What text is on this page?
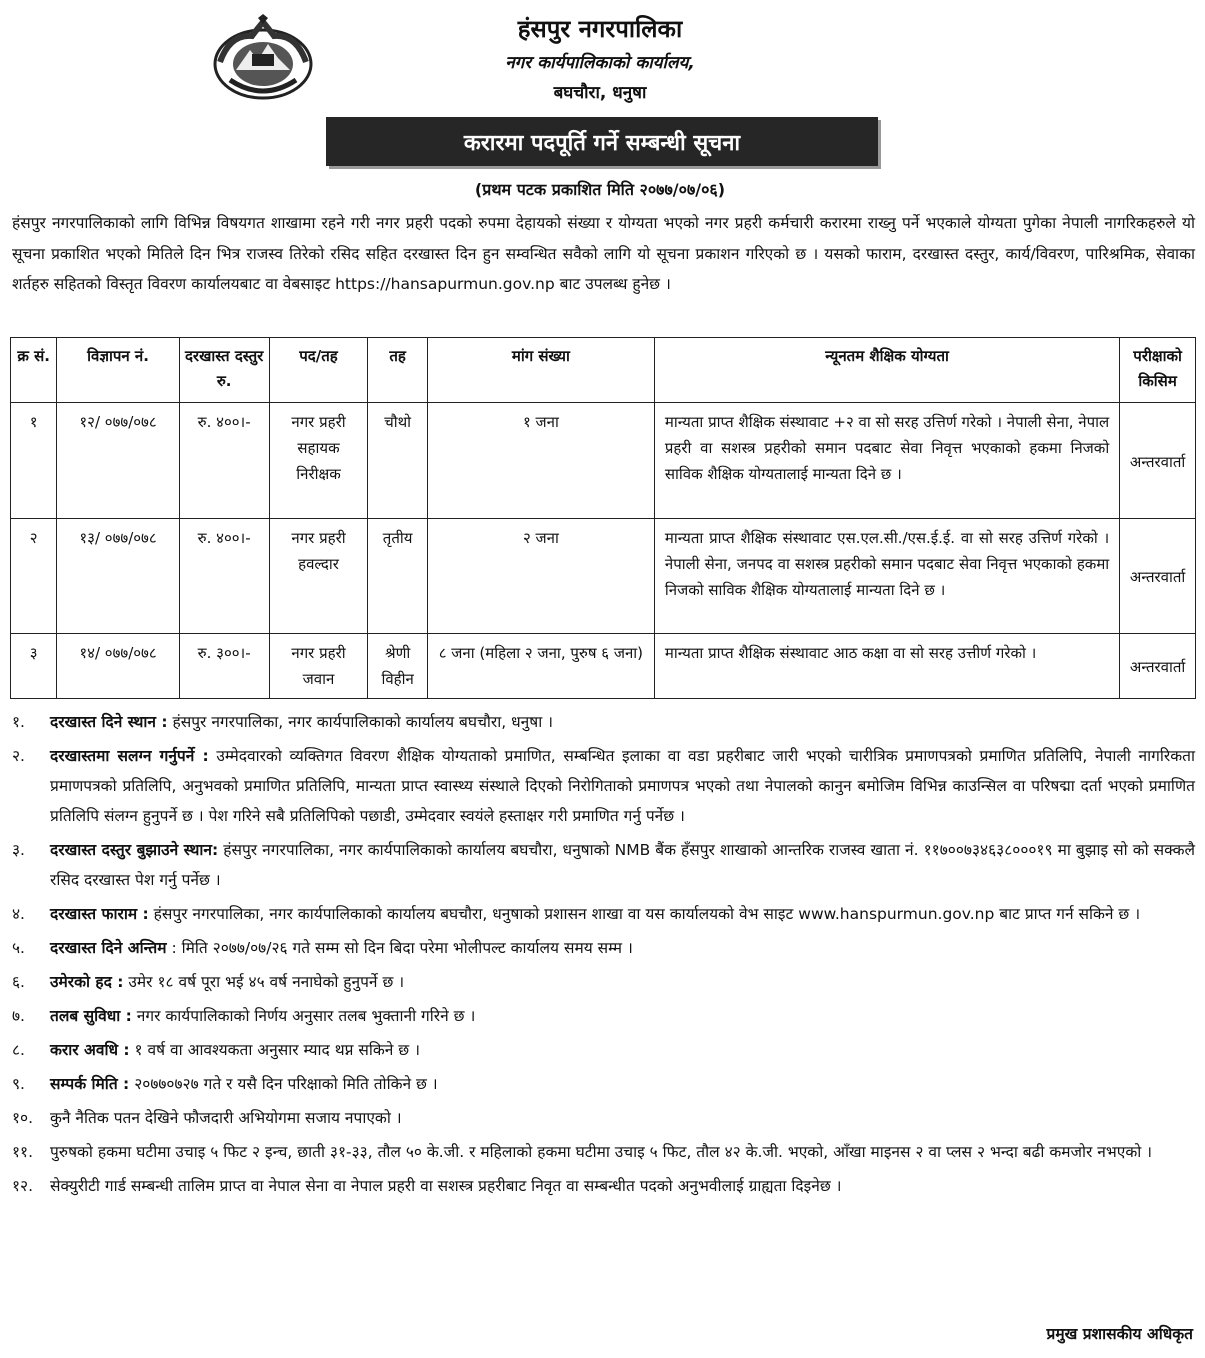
हंसपुर नगरपालिका
नगर कार्यपालिकाको कार्यालय,
बघचौरा, धनुषा
करारमा पदपूर्ति गर्ने सम्बन्धी सूचना
(प्रथम पटक प्रकाशित मिति २०७७/०७/०६)
हंसपुर नगरपालिकाको लागि विभिन्न विषयगत शाखामा रहने गरी नगर प्रहरी पदको रुपमा देहायको संख्या र योग्यता भएको नगर प्रहरी कर्मचारी करारमा राख्नु पर्ने भएकाले योग्यता पुगेका नेपाली नागरिकहरुले यो सूचना प्रकाशित भएको मितिले दिन भित्र राजस्व तिरेको रसिद सहित दरखास्त दिन हुन सम्वन्धित सवैको लागि यो सूचना प्रकाशन गरिएको छ । यसको फाराम, दरखास्त दस्तुर, कार्य/विवरण, पारिश्रमिक, सेवाका शर्तहरु सहितको विस्तृत विवरण कार्यालयबाट वा वेबसाइट https://hansapurmun.gov.np बाट उपलब्ध हुनेछ ।
क्र सं.	विज्ञापन नं.	दरखास्त दस्तुर रु.	पद/तह	तह	मांग संख्या	न्यूनतम शैक्षिक योग्यता	परीक्षाको किसिम
१	१२/ ०७७/०७८	रु. ४००।-	नगर प्रहरी सहायक निरीक्षक	चौथो	१ जना	मान्यता प्राप्त शैक्षिक संस्थावाट +२ वा सो सरह उत्तिर्ण गरेको । नेपाली सेना, नेपाल प्रहरी वा सशस्त्र प्रहरीको समान पदबाट सेवा निवृत्त भएकाको हकमा निजको साविक शैक्षिक योग्यतालाई मान्यता दिने छ ।	अन्तरवार्ता
२	१३/ ०७७/०७८	रु. ४००।-	नगर प्रहरी हवल्दार	तृतीय	२ जना	मान्यता प्राप्त शैक्षिक संस्थावाट एस.एल.सी./एस.ई.ई. वा सो सरह उत्तिर्ण गरेको । नेपाली सेना, जनपद वा सशस्त्र प्रहरीको समान पदबाट सेवा निवृत्त भएकाको हकमा निजको साविक शैक्षिक योग्यतालाई मान्यता दिने छ ।	अन्तरवार्ता
३	१४/ ०७७/०७८	रु. ३००।-	नगर प्रहरी जवान	श्रेणी विहीन	८ जना (महिला २ जना, पुरुष ६ जना)	मान्यता प्राप्त शैक्षिक संस्थावाट आठ कक्षा वा सो सरह उत्तीर्ण गरेको ।	अन्तरवार्ता
१.	दरखास्त दिने स्थान : हंसपुर नगरपालिका, नगर कार्यपालिकाको कार्यालय बघचौरा, धनुषा ।
२.	दरखास्तमा सलग्न गर्नुपर्ने : उम्मेदवारको व्यक्तिगत विवरण शैक्षिक योग्यताको प्रमाणित, सम्बन्धित इलाका वा वडा प्रहरीबाट जारी भएको चारीत्रिक प्रमाणपत्रको प्रमाणित प्रतिलिपि, नेपाली नागरिकता प्रमाणपत्रको प्रतिलिपि, अनुभवको प्रमाणित प्रतिलिपि, मान्यता प्राप्त स्वास्थ्य संस्थाले दिएको निरोगिताको प्रमाणपत्र भएको तथा नेपालको कानुन बमोजिम विभिन्न काउन्सिल वा परिषद्मा दर्ता भएको प्रमाणित प्रतिलिपि संलग्न हुनुपर्ने छ । पेश गरिने सबै प्रतिलिपिको पछाडी, उम्मेदवार स्वयंले हस्ताक्षर गरी प्रमाणित गर्नु पर्नेछ ।
३.	दरखास्त दस्तुर बुझाउने स्थान: हंसपुर नगरपालिका, नगर कार्यपालिकाको कार्यालय बघचौरा, धनुषाको NMB बैंक हँसपुर शाखाको आन्तरिक राजस्व खाता नं. ११७००७३४६३८०००१९ मा बुझाइ सो को सक्कलै रसिद दरखास्त पेश गर्नु पर्नेछ ।
४.	दरखास्त फाराम : हंसपुर नगरपालिका, नगर कार्यपालिकाको कार्यालय बघचौरा, धनुषाको प्रशासन शाखा वा यस कार्यालयको वेभ साइट www.hanspurmun.gov.np बाट प्राप्त गर्न सकिने छ ।
५.	दरखास्त दिने अन्तिम : मिति २०७७/०७/२६ गते सम्म सो दिन बिदा परेमा भोलीपल्ट कार्यालय समय सम्म ।
६.	उमेरको हद : उमेर १८ वर्ष पूरा भई ४५ वर्ष ननाघेको हुनुपर्ने छ ।
७.	तलब सुविधा : नगर कार्यपालिकाको निर्णय अनुसार तलब भुक्तानी गरिने छ ।
८.	करार अवधि : १ वर्ष वा आवश्यकता अनुसार म्याद थप्न सकिने छ ।
९.	सम्पर्क मिति : २०७७०७२७ गते र यसै दिन परिक्षाको मिति तोकिने छ ।
१०.	कुनै नैतिक पतन देखिने फौजदारी अभियोगमा सजाय नपाएको ।
११.	पुरुषको हकमा घटीमा उचाइ ५ फिट २ इन्च, छाती ३१-३३, तौल ५० के.जी. र महिलाको हकमा घटीमा उचाइ ५ फिट, तौल ४२ के.जी. भएको, आँखा माइनस २ वा प्लस २ भन्दा बढी कमजोर नभएको ।
१२.	सेक्युरीटी गार्ड सम्बन्धी तालिम प्राप्त वा नेपाल सेना वा नेपाल प्रहरी वा सशस्त्र प्रहरीबाट निवृत वा सम्बन्धीत पदको अनुभवीलाई ग्राह्यता दिइनेछ ।
प्रमुख प्रशासकीय अधिकृत
